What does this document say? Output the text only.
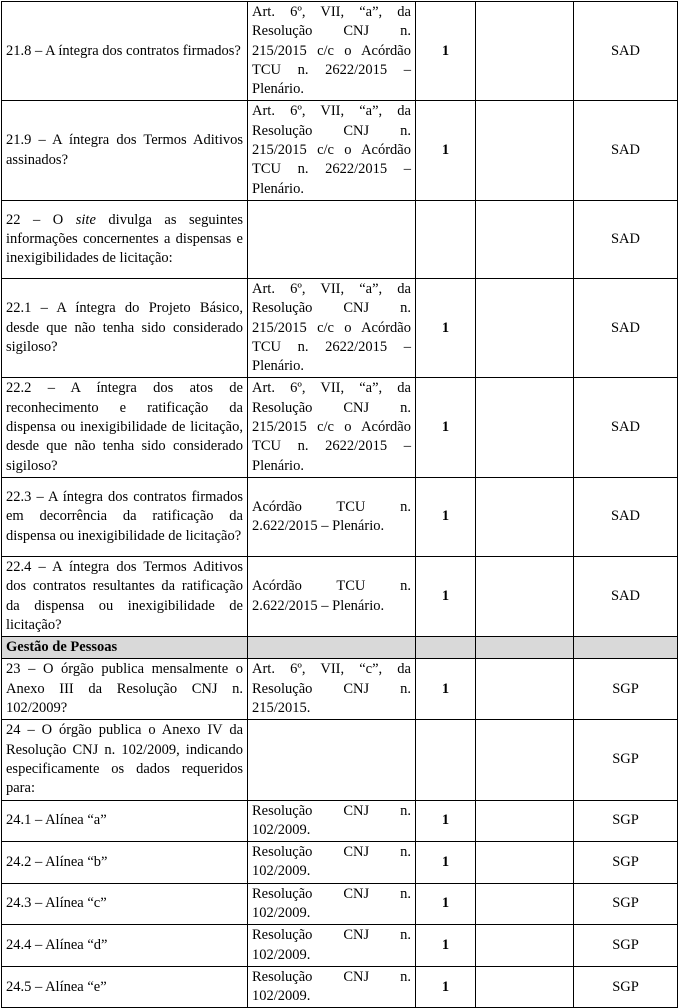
21.8 – A íntegra dos contratos firmados?	Art. 6º, VII, “a”, da Resolução CNJ n. 215/2015 c/c o Acórdão TCU n. 2622/2015 – Plenário.	1		SAD
21.9 – A íntegra dos Termos Aditivos assinados?	Art. 6º, VII, “a”, da Resolução CNJ n. 215/2015 c/c o Acórdão TCU n. 2622/2015 – Plenário.	1		SAD
22 – O site divulga as seguintes informações concernentes a dispensas e inexigibilidades de licitação:				SAD
22.1 – A íntegra do Projeto Básico, desde que não tenha sido considerado sigiloso?	Art. 6º, VII, “a”, da Resolução CNJ n. 215/2015 c/c o Acórdão TCU n. 2622/2015 – Plenário.	1		SAD
22.2 – A íntegra dos atos de reconhecimento e ratificação da dispensa ou inexigibilidade de licitação, desde que não tenha sido considerado sigiloso?	Art. 6º, VII, “a”, da Resolução CNJ n. 215/2015 c/c o Acórdão TCU n. 2622/2015 – Plenário.	1		SAD
22.3 – A íntegra dos contratos firmados em decorrência da ratificação da dispensa ou inexigibilidade de licitação?	Acórdão TCU n. 2.622/2015 – Plenário.	1		SAD
22.4 – A íntegra dos Termos Aditivos dos contratos resultantes da ratificação da dispensa ou inexigibilidade de licitação?	Acórdão TCU n. 2.622/2015 – Plenário.	1		SAD
Gestão de Pessoas				
23 – O órgão publica mensalmente o Anexo III da Resolução CNJ n. 102/2009?	Art. 6º, VII, “c”, da Resolução CNJ n. 215/2015.	1		SGP
24 – O órgão publica o Anexo IV da Resolução CNJ n. 102/2009, indicando especificamente os dados requeridos para:				SGP
24.1 – Alínea “a”	Resolução CNJ n. 102/2009.	1		SGP
24.2 – Alínea “b”	Resolução CNJ n. 102/2009.	1		SGP
24.3 – Alínea “c”	Resolução CNJ n. 102/2009.	1		SGP
24.4 – Alínea “d”	Resolução CNJ n. 102/2009.	1		SGP
24.5 – Alínea “e”	Resolução CNJ n. 102/2009.	1		SGP
